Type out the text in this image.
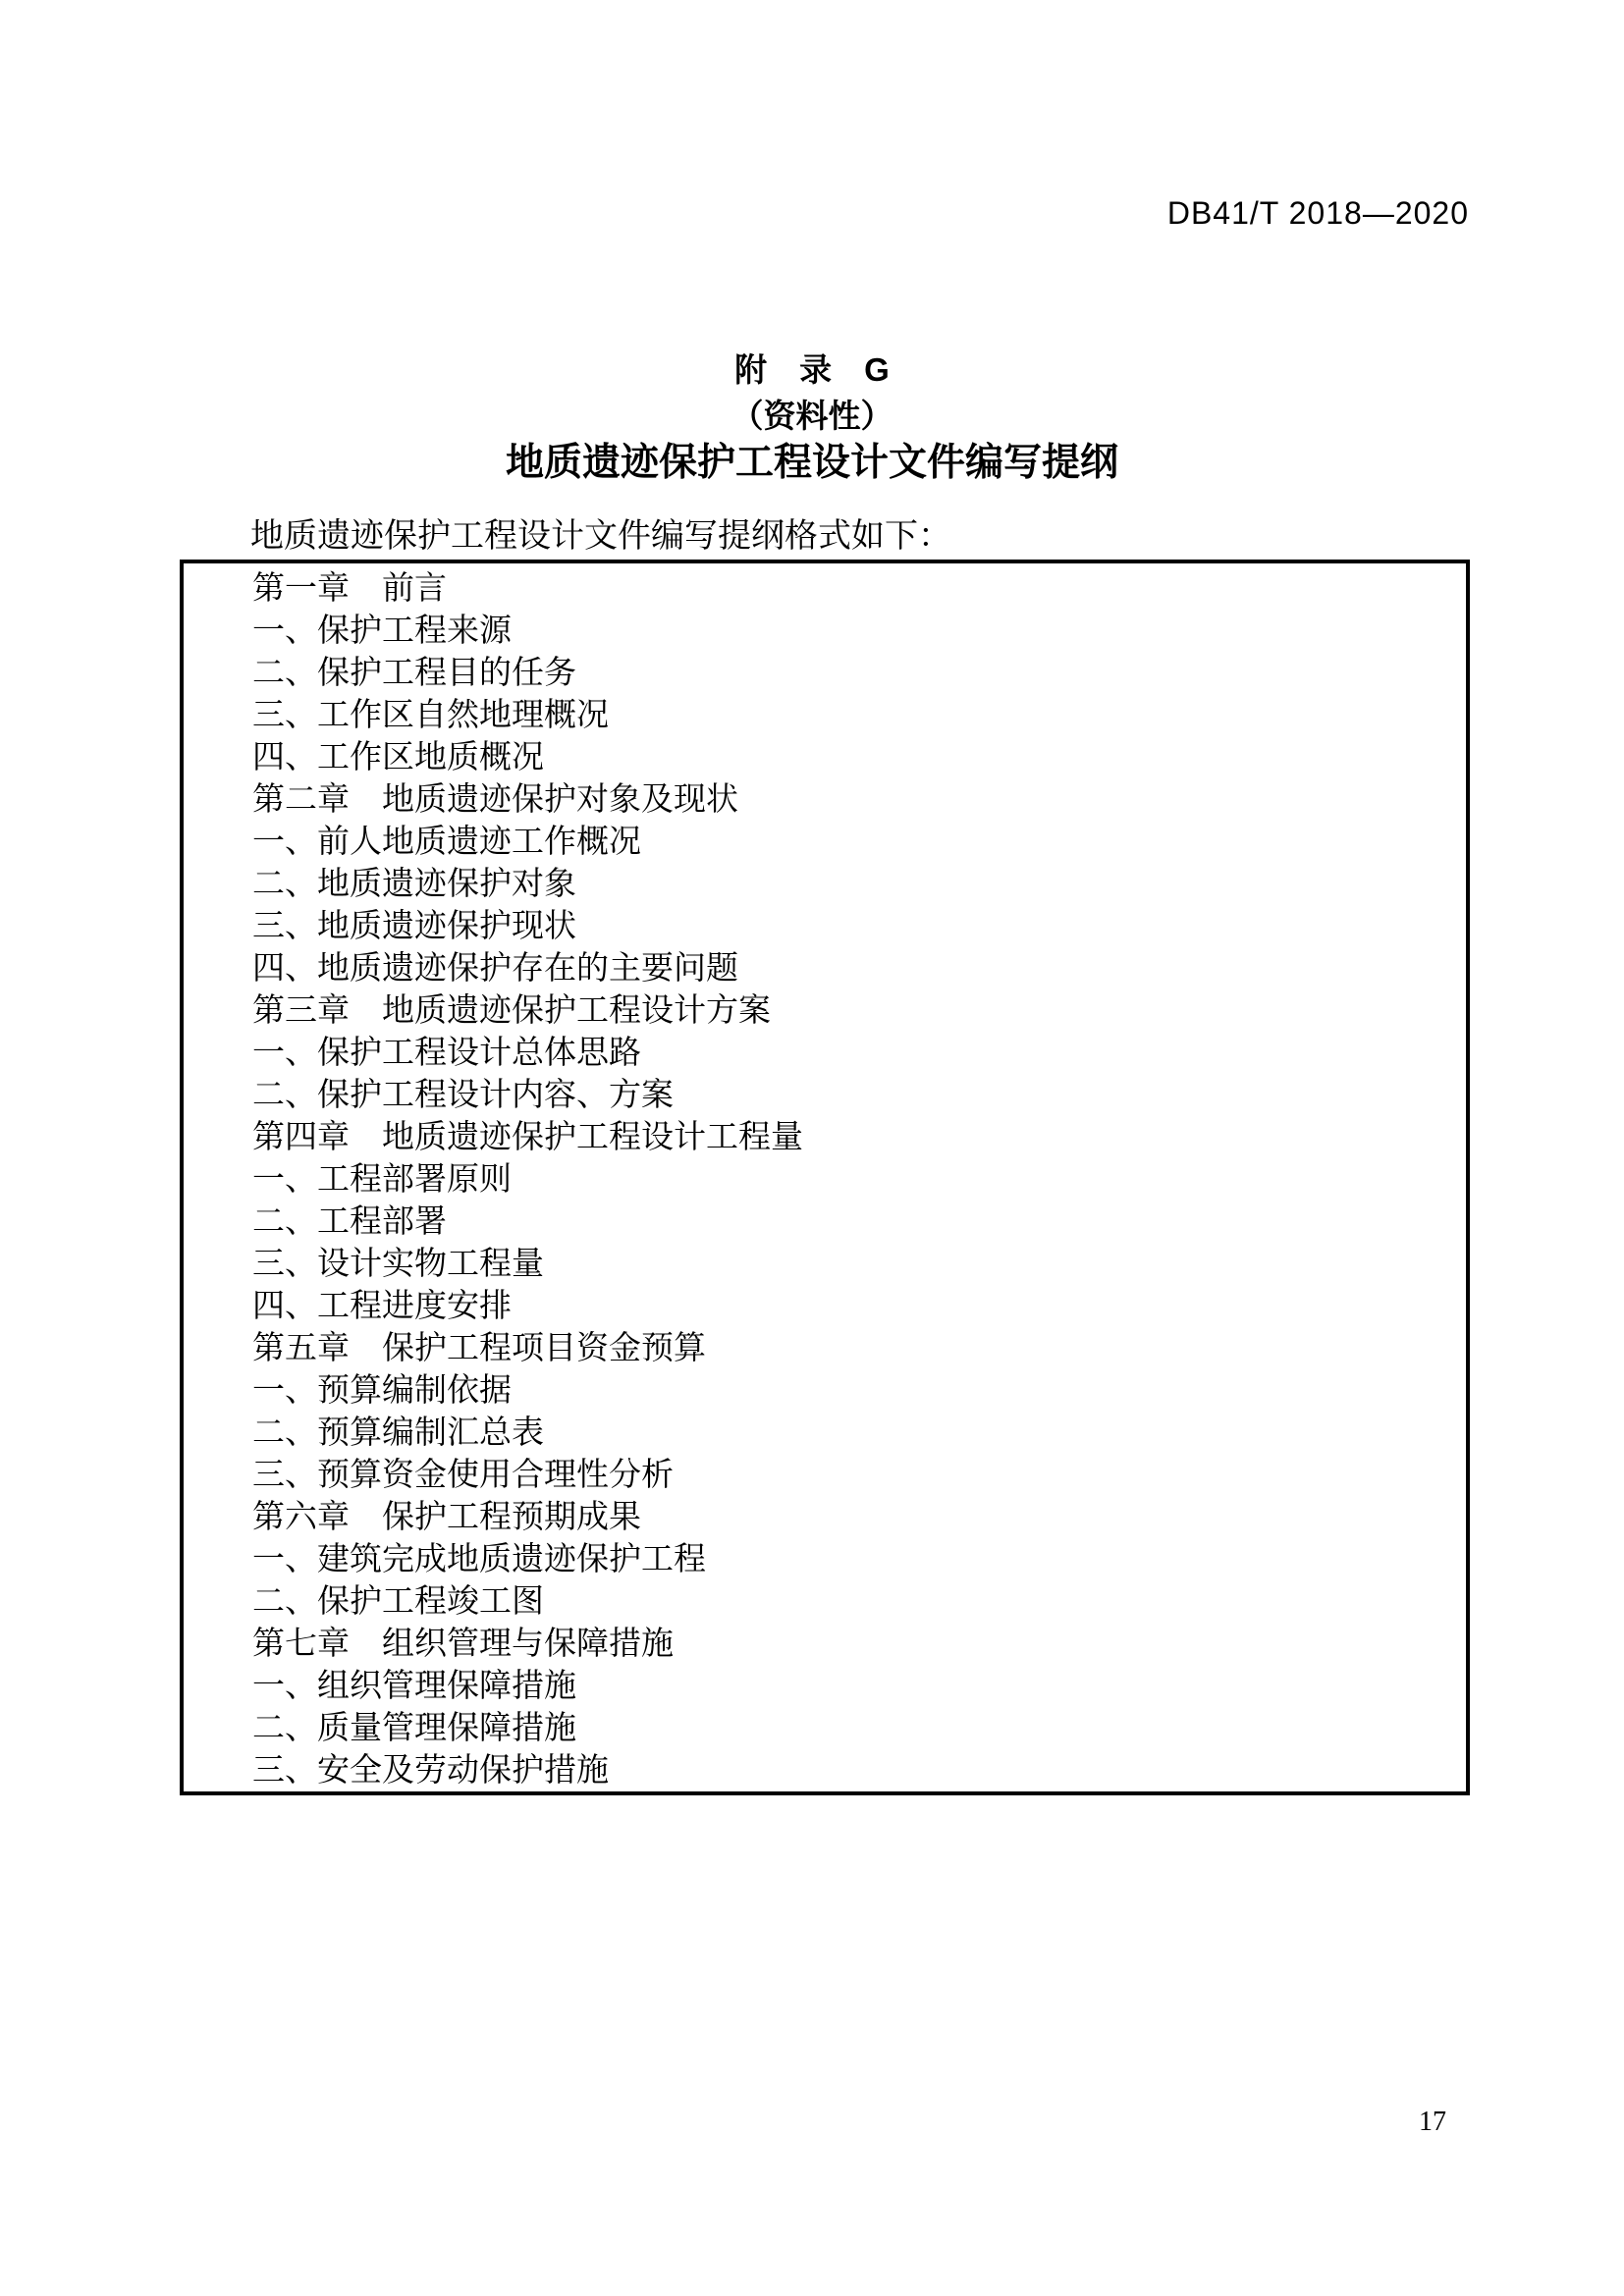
DB41/T 2018—2020
附　录　G
（资料性）
地质遗迹保护工程设计文件编写提纲
地质遗迹保护工程设计文件编写提纲格式如下：
第一章　前言
一、保护工程来源
二、保护工程目的任务
三、工作区自然地理概况
四、工作区地质概况
第二章　地质遗迹保护对象及现状
一、前人地质遗迹工作概况
二、地质遗迹保护对象
三、地质遗迹保护现状
四、地质遗迹保护存在的主要问题
第三章　地质遗迹保护工程设计方案
一、保护工程设计总体思路
二、保护工程设计内容、方案
第四章　地质遗迹保护工程设计工程量
一、工程部署原则
二、工程部署
三、设计实物工程量
四、工程进度安排
第五章　保护工程项目资金预算
一、预算编制依据
二、预算编制汇总表
三、预算资金使用合理性分析
第六章　保护工程预期成果
一、建筑完成地质遗迹保护工程
二、保护工程竣工图
第七章　组织管理与保障措施
一、组织管理保障措施
二、质量管理保障措施
三、安全及劳动保护措施
17
